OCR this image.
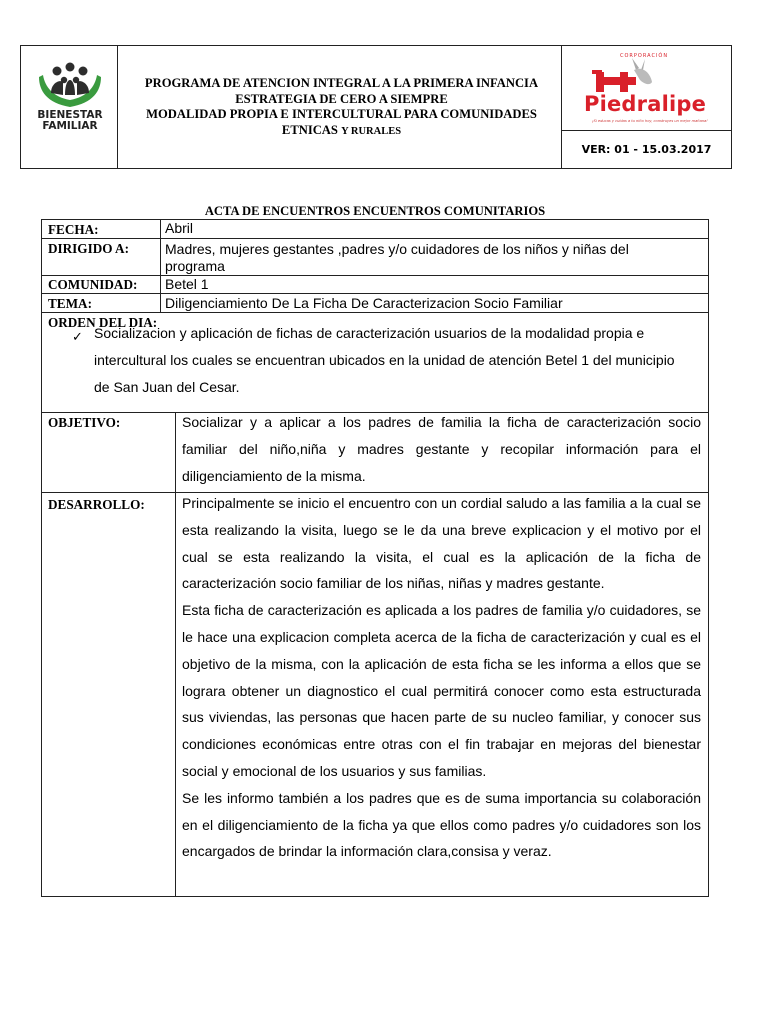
BIENESTAR
FAMILIAR
PROGRAMA DE ATENCION INTEGRAL A LA PRIMERA INFANCIA
ESTRATEGIA DE CERO A SIEMPRE
MODALIDAD PROPIA E INTERCULTURAL PARA COMUNIDADES
ETNICAS Y RURALES
CORPORACIÓN
Piedralipe
¡Si educas y cuidas a tu niño hoy, construyes un mejor mañana!
VER: 01 - 15.03.2017
ACTA DE ENCUENTROS ENCUENTROS COMUNITARIOS
FECHA:	Abril
DIRIGIDO A:	Madres, mujeres gestantes ,padres y/o cuidadores de los niños y niñas del
programa
COMUNIDAD: Betel 1
TEMA:	Diligenciamiento De La Ficha De Caracterizacion Socio Familiar
ORDEN DEL DIA:
✓ Socializacion y aplicación de fichas de caracterización usuarios de la modalidad propia e intercultural los cuales se encuentran ubicados en la unidad de atención Betel 1 del municipio de San Juan del Cesar.

OBJETIVO:	Socializar y a aplicar a los padres de familia la ficha de caracterización socio familiar del niño,niña y madres gestante y recopilar información para el diligenciamiento de la misma.

DESARROLLO:	Principalmente se inicio el encuentro con un cordial saludo a las familia a la cual se esta realizando la visita, luego se le da una breve explicacion y el motivo por el cual se esta realizando la visita, el cual es la aplicación de la ficha de caracterización socio familiar de los niñas, niñas y madres gestante.

Esta ficha de caracterización es aplicada a los padres de familia y/o cuidadores, se le hace una explicacion completa acerca de la ficha de caracterización y cual es el objetivo de la misma, con la aplicación de esta ficha se les informa a ellos que se lograra obtener un diagnostico el cual permitirá conocer como esta estructurada sus viviendas, las personas que hacen parte de su nucleo familiar, y conocer sus condiciones económicas entre otras con el fin trabajar en mejoras del bienestar social y emocional de los usuarios y sus familias.

Se les informo también a los padres que es de suma importancia su colaboración en el diligenciamiento de la ficha ya que ellos como padres y/o cuidadores son los encargados de brindar la información clara,consisa y veraz.
